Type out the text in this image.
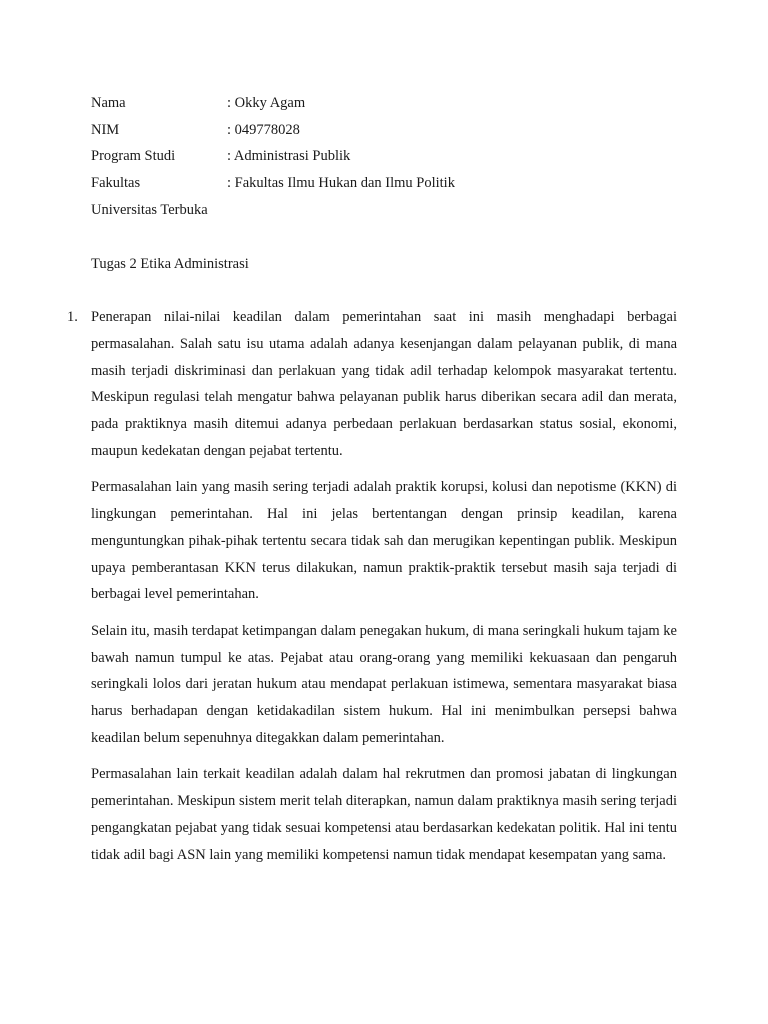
Nama	: Okky Agam
NIM	: 049778028
Program Studi	: Administrasi Publik
Fakultas	: Fakultas Ilmu Hukan dan Ilmu Politik
Universitas Terbuka
Tugas 2 Etika Administrasi

1. Penerapan nilai-nilai keadilan dalam pemerintahan saat ini masih menghadapi berbagai permasalahan. Salah satu isu utama adalah adanya kesenjangan dalam pelayanan publik, di mana masih terjadi diskriminasi dan perlakuan yang tidak adil terhadap kelompok masyarakat tertentu. Meskipun regulasi telah mengatur bahwa pelayanan publik harus diberikan secara adil dan merata, pada praktiknya masih ditemui adanya perbedaan perlakuan berdasarkan status sosial, ekonomi, maupun kedekatan dengan pejabat tertentu.

Permasalahan lain yang masih sering terjadi adalah praktik korupsi, kolusi dan nepotisme (KKN) di lingkungan pemerintahan. Hal ini jelas bertentangan dengan prinsip keadilan, karena menguntungkan pihak-pihak tertentu secara tidak sah dan merugikan kepentingan publik. Meskipun upaya pemberantasan KKN terus dilakukan, namun praktik-praktik tersebut masih saja terjadi di berbagai level pemerintahan.

Selain itu, masih terdapat ketimpangan dalam penegakan hukum, di mana seringkali hukum tajam ke bawah namun tumpul ke atas. Pejabat atau orang-orang yang memiliki kekuasaan dan pengaruh seringkali lolos dari jeratan hukum atau mendapat perlakuan istimewa, sementara masyarakat biasa harus berhadapan dengan ketidakadilan sistem hukum. Hal ini menimbulkan persepsi bahwa keadilan belum sepenuhnya ditegakkan dalam pemerintahan.

Permasalahan lain terkait keadilan adalah dalam hal rekrutmen dan promosi jabatan di lingkungan pemerintahan. Meskipun sistem merit telah diterapkan, namun dalam praktiknya masih sering terjadi pengangkatan pejabat yang tidak sesuai kompetensi atau berdasarkan kedekatan politik. Hal ini tentu tidak adil bagi ASN lain yang memiliki kompetensi namun tidak mendapat kesempatan yang sama.
